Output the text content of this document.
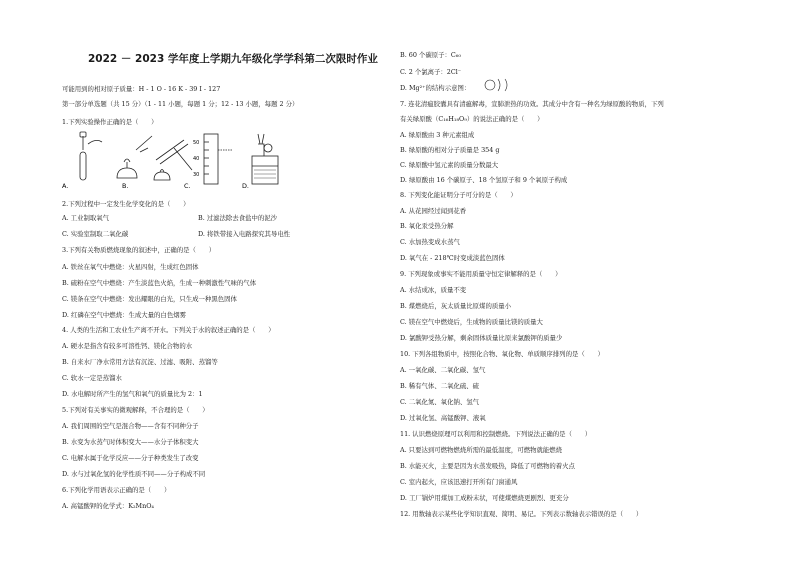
2022 － 2023 学年度上学期九年级化学学科第二次限时作业
可能用到的相对原子质量：H - 1 O - 16 K - 39 I - 127
第一部分单选题（共 15 分）（1 - 11 小题，每题 1 分；12 - 13 小题，每题 2 分）
1.下列实验操作正确的是（　　）
A.	B.
50
40
30
C.	D.
2.下列过程中一定发生化学变化的是（　　）
A. 工业制取氧气	B. 过滤法除去食盐中的泥沙
C. 实验室制取二氧化碳	D. 将铁带接入电路探究其导电性
3.下列有关物质燃烧现象的叙述中，正确的是（　　）
A. 铁丝在氧气中燃烧：火星四射，生成红色固体
B. 硫粉在空气中燃烧：产生淡蓝色火焰，生成一种刺激性气味的气体
C. 镁条在空气中燃烧：发出耀眼的白光，只生成一种黑色固体
D. 红磷在空气中燃烧：生成大量的白色烟雾
4. 人类的生活和工农业生产离不开水。下列关于水的叙述正确的是（　　）
A. 硬水是指含有较多可溶性钙、镁化合物的水
B. 自来水厂净水常用方法有沉淀、过滤、吸附、蒸馏等
C. 软水一定是蒸馏水
D. 水电解时所产生的氢气和氧气的质量比为 2：1
5.下列对有关事实的微观解释，不合理的是（　　）
A. 我们周围的空气是混合物——含有不同种分子
B. 水变为水蒸气时体积变大——水分子体积变大
C. 电解水属于化学反应——分子种类发生了改变
D. 水与过氧化氢的化学性质不同——分子构成不同
6.下列化学用语表示正确的是（　　）
A. 高锰酸钾的化学式：K₂MnO₄
B. 60 个碳原子：C₆₀
C. 2 个氯离子：2Cl⁻
D. Mg²⁺的结构示意图：
7. 连花清瘟胶囊具有清瘟解毒，宣肺泄热的功效。其成分中含有一种名为绿原酸的物质，下列
有关绿原酸（C₁₆H₁₈O₉）的说法正确的是（　　）
A. 绿原酸由 3 种元素组成
B. 绿原酸的相对分子质量是 354 g
C. 绿原酸中氢元素的质量分数最大
D. 绿原酸由 16 个碳原子、18 个氢原子和 9 个氧原子构成
8. 下列变化能证明分子可分的是（　　）
A. 从花园经过闻到花香
B. 氧化汞受热分解
C. 水加热变成水蒸气
D. 氧气在 - 218℃时变成淡蓝色固体
9. 下列现象或事实不能用质量守恒定律解释的是（　　）
A. 水结成冰，质量不变
B. 煤燃烧后，灰太质量比原煤的质量小
C. 镁在空气中燃烧后，生成物的质量比镁的质量大
D. 氯酸钾受热分解，剩余固体质量比原来氯酸钾的质量少
10. 下列各组物质中，按照化合物、氧化物、单质顺序排列的是（　　）
A. 一氧化碳、二氧化碳、氢气
B. 稀有气体、二氧化硫、硫
C. 二氧化氮、氧化钠、氢气
D. 过氧化氢、高锰酸钾、液氧
11. 认识燃烧原理可以利用和控制燃烧。下列说法正确的是（　　）
A. 只要达到可燃物燃烧所需的最低温度，可燃物就能燃烧
B. 水能灭火，主要是因为水蒸发吸热，降低了可燃物的着火点
C. 室内起火，应该迅速打开所有门窗通风
D. 工厂锅炉用煤加工成粉末状，可使煤燃烧更剧烈、更充分
12. 用数轴表示某些化学知识直观、简明、易记。下列表示数轴表示错误的是（　　）
